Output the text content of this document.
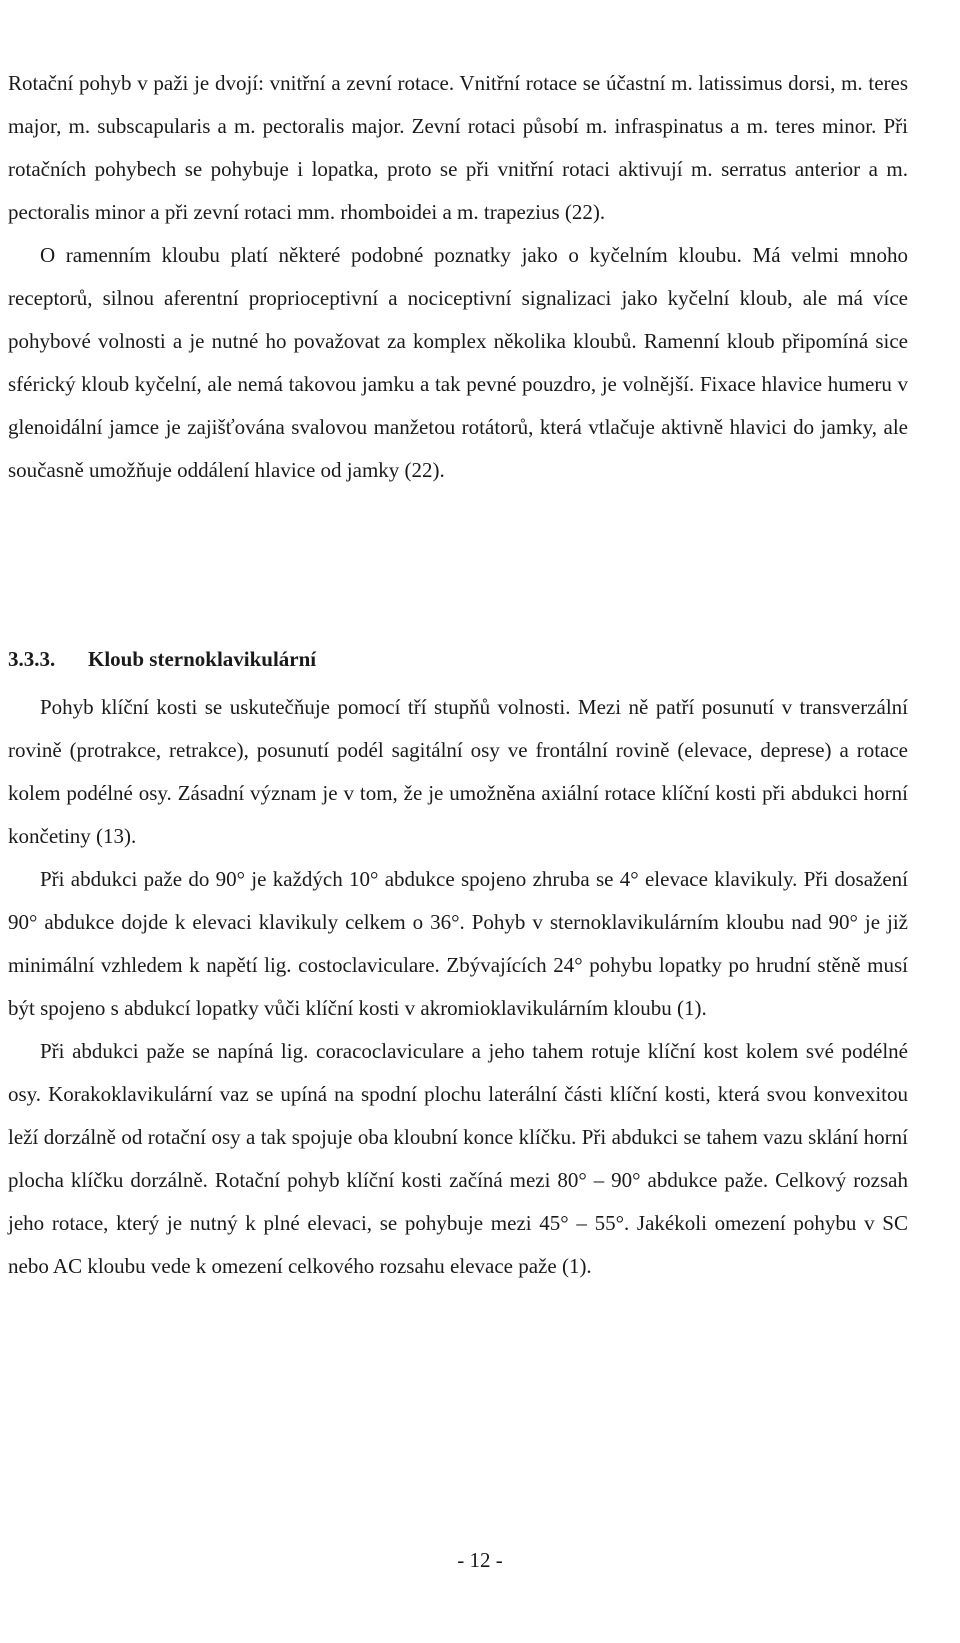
Rotační pohyb v paži je dvojí: vnitřní a zevní rotace. Vnitřní rotace se účastní m. latissimus dorsi, m. teres major, m. subscapularis a m. pectoralis major. Zevní rotaci působí m. infraspinatus a m. teres minor. Při rotačních pohybech se pohybuje i lopatka, proto se při vnitřní rotaci aktivují m. serratus anterior a m. pectoralis minor a při zevní rotaci mm. rhomboidei a m. trapezius (22).

O ramenním kloubu platí některé podobné poznatky jako o kyčelním kloubu. Má velmi mnoho receptorů, silnou aferentní proprioceptivní a nociceptivní signalizaci jako kyčelní kloub, ale má více pohybové volnosti a je nutné ho považovat za komplex několika kloubů. Ramenní kloub připomíná sice sférický kloub kyčelní, ale nemá takovou jamku a tak pevné pouzdro, je volnější. Fixace hlavice humeru v glenoidální jamce je zajišťována svalovou manžetou rotátorů, která vtlačuje aktivně hlavici do jamky, ale současně umožňuje oddálení hlavice od jamky (22).

3.3.3. Kloub sternoklavikulární

Pohyb klíční kosti se uskutečňuje pomocí tří stupňů volnosti. Mezi ně patří posunutí v transverzální rovině (protrakce, retrakce), posunutí podél sagitální osy ve frontální rovině (elevace, deprese) a rotace kolem podélné osy. Zásadní význam je v tom, že je umožněna axiální rotace klíční kosti při abdukci horní končetiny (13).

Při abdukci paže do 90° je každých 10° abdukce spojeno zhruba se 4° elevace klavikuly. Při dosažení 90° abdukce dojde k elevaci klavikuly celkem o 36°. Pohyb v sternoklavikulárním kloubu nad 90° je již minimální vzhledem k napětí lig. costoclaviculare. Zbývajících 24° pohybu lopatky po hrudní stěně musí být spojeno s abdukcí lopatky vůči klíční kosti v akromioklavikulárním kloubu (1).

Při abdukci paže se napíná lig. coracoclaviculare a jeho tahem rotuje klíční kost kolem své podélné osy. Korakoklavikulární vaz se upíná na spodní plochu laterální části klíční kosti, která svou konvexitou leží dorzálně od rotační osy a tak spojuje oba kloubní konce klíčku. Při abdukci se tahem vazu sklání horní plocha klíčku dorzálně. Rotační pohyb klíční kosti začíná mezi 80° – 90° abdukce paže. Celkový rozsah jeho rotace, který je nutný k plné elevaci, se pohybuje mezi 45° – 55°. Jakékoli omezení pohybu v SC nebo AC kloubu vede k omezení celkového rozsahu elevace paže (1).

- 12 -
